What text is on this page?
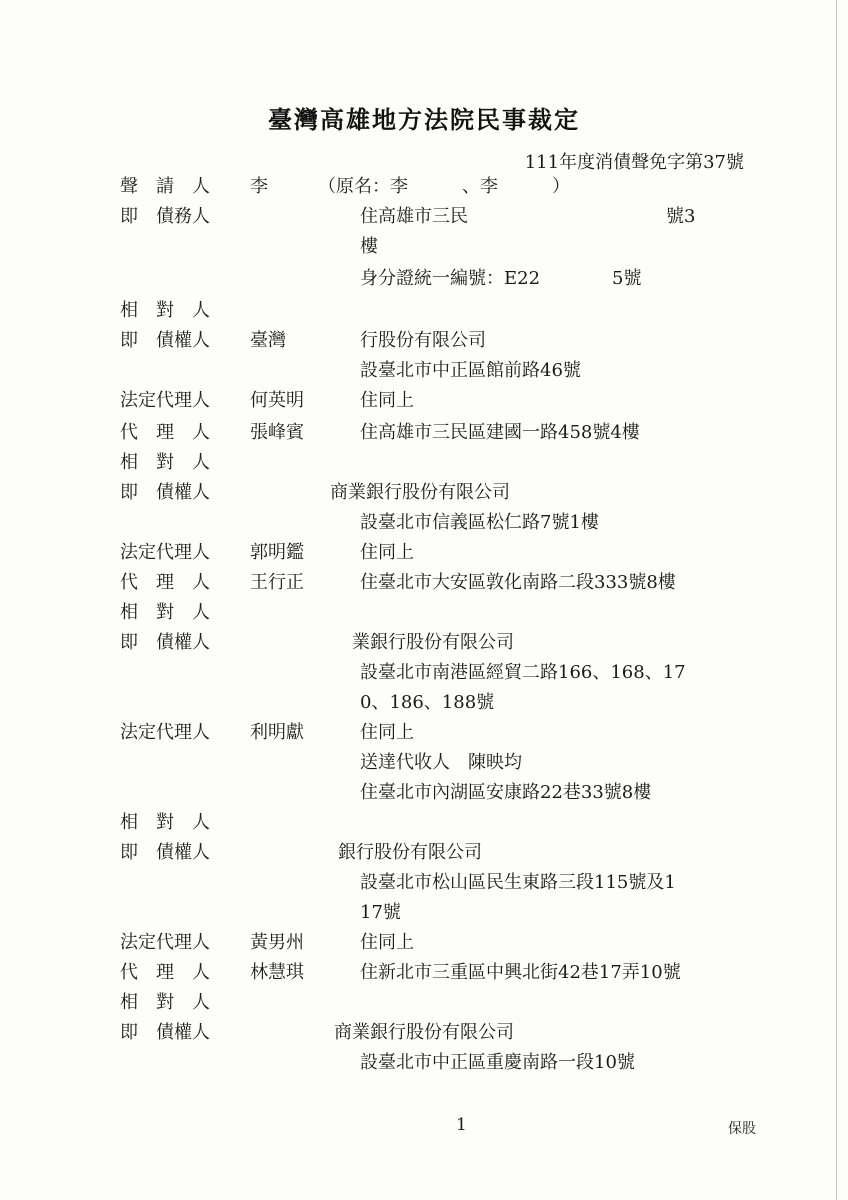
臺灣高雄地方法院民事裁定
111年度消債聲免字第37號
聲　請　人 李	（原名：李　　　、李　　　）
即　債務人	住高雄市三民　　　　　　　　　　　號3
樓
身分證統一編號：E22　　　　5號
相　對　人
即　債權人 臺灣	行股份有限公司
設臺北市中正區館前路46號
法定代理人 何英明	住同上
代　理　人 張峰賓	住高雄市三民區建國一路458號4樓
相　對　人
即　債權人	商業銀行股份有限公司
設臺北市信義區松仁路7號1樓
法定代理人 郭明鑑	住同上
代　理　人 王行正	住臺北市大安區敦化南路二段333號8樓
相　對　人
即　債權人	業銀行股份有限公司
設臺北市南港區經貿二路166、168、17
0、186、188號
法定代理人 利明獻	住同上
送達代收人　陳映均
住臺北市內湖區安康路22巷33號8樓
相　對　人
即　債權人	銀行股份有限公司
設臺北市松山區民生東路三段115號及1
17號
法定代理人 黃男州	住同上
代　理　人 林慧琪	住新北市三重區中興北街42巷17弄10號
相　對　人
即　債權人	商業銀行股份有限公司
設臺北市中正區重慶南路一段10號
1	保股
